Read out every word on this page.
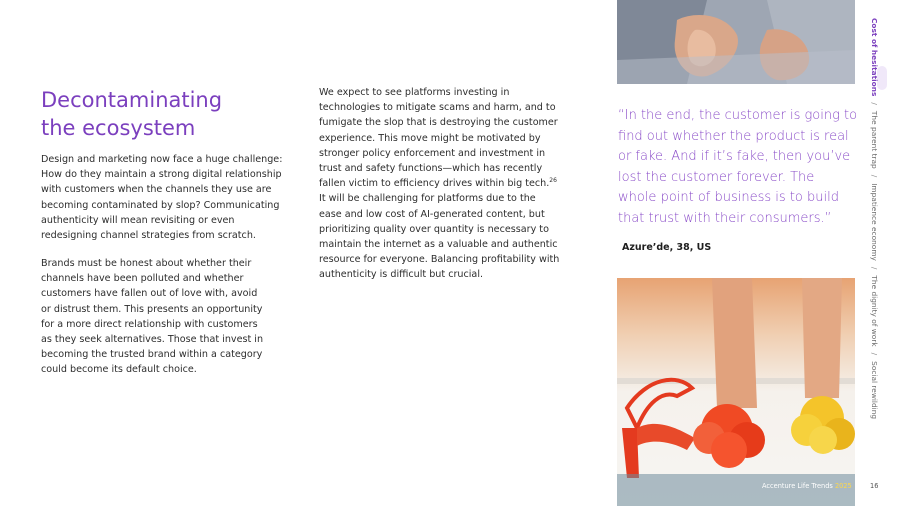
Decontaminating
the ecosystem
Design and marketing now face a huge challenge:
How do they maintain a strong digital relationship
with customers when the channels they use are
becoming contaminated by slop? Communicating
authenticity will mean revisiting or even
redesigning channel strategies from scratch.
Brands must be honest about whether their
channels have been polluted and whether
customers have fallen out of love with, avoid
or distrust them. This presents an opportunity
for a more direct relationship with customers
as they seek alternatives. Those that invest in
becoming the trusted brand within a category
could become its default choice.
We expect to see platforms investing in
technologies to mitigate scams and harm, and to
fumigate the slop that is destroying the customer
experience. This move might be motivated by
stronger policy enforcement and investment in
trust and safety functions—which has recently
fallen victim to efficiency drives within big tech.$^{26}$
It will be challenging for platforms due to the
ease and low cost of AI-generated content, but
prioritizing quality over quantity is necessary to
maintain the internet as a valuable and authentic
resource for everyone. Balancing profitability with
authenticity is difficult but crucial.
“In the end, the customer is going to
find out whether the product is real
or fake. And if it’s fake, then you’ve
lost the customer forever. The
whole point of business is to build
that trust with their consumers.”
Azure’de, 38, US
Accenture Life Trends 2025	16
Cost of hesitations
/
The parent trap
/
Impatience economy
/
The dignity of work
/
Social rewilding
